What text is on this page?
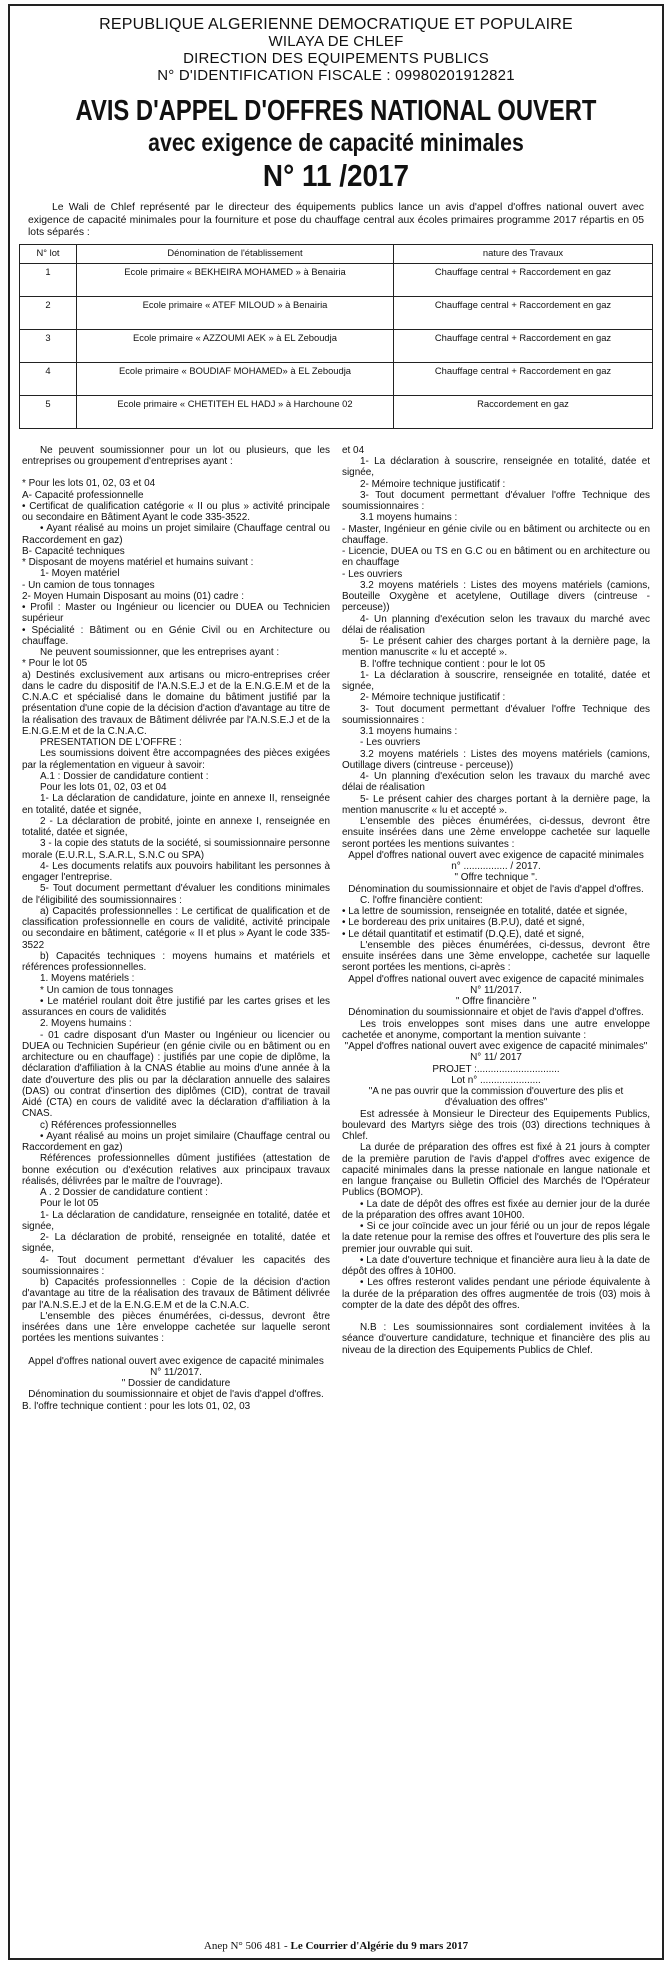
REPUBLIQUE ALGERIENNE DEMOCRATIQUE ET POPULAIRE
WILAYA DE CHLEF
DIRECTION DES EQUIPEMENTS PUBLICS
N° D'IDENTIFICATION FISCALE : 09980201912821
AVIS D'APPEL D'OFFRES NATIONAL OUVERT
avec exigence de capacité minimales
N° 11 /2017

Le Wali de Chlef représenté par le directeur des équipements publics lance un avis d'appel d'offres national ouvert avec exigence de capacité minimales pour la fourniture et pose du chauffage central aux écoles primaires programme 2017 répartis en 05 lots séparés :

N° lot	Dénomination de l'établissement	nature des Travaux
1	Ecole primaire « BEKHEIRA MOHAMED » à Benairia	Chauffage central + Raccordement en gaz
2	Ecole primaire « ATEF MILOUD » à Benairia	Chauffage central + Raccordement en gaz
3	Ecole primaire « AZZOUMI AEK » à EL Zeboudja	Chauffage central + Raccordement en gaz
4	Ecole primaire « BOUDIAF MOHAMED» à EL Zeboudja	Chauffage central + Raccordement en gaz
5	Ecole primaire « CHETITEH EL HADJ » à Harchoune 02	Raccordement en gaz

Ne peuvent soumissionner pour un lot ou plusieurs, que les entreprises ou groupement d'entreprises ayant :

* Pour les lots 01, 02, 03 et 04

A- Capacité professionnelle

• Certificat de qualification catégorie « II ou plus » activité principale ou secondaire en Bâtiment Ayant le code 335-3522.

• Ayant réalisé au moins un projet similaire (Chauffage central ou Raccordement en gaz)

B- Capacité techniques

* Disposant de moyens matériel et humains suivant :

1- Moyen matériel

- Un camion de tous tonnages

2- Moyen Humain Disposant au moins (01) cadre :

• Profil : Master ou Ingénieur ou licencier ou DUEA ou Technicien supérieur

• Spécialité : Bâtiment ou en Génie Civil ou en Architecture ou chauffage.

Ne peuvent soumissionner, que les entreprises ayant :

* Pour le lot 05

a) Destinés exclusivement aux artisans ou micro-entreprises créer dans le cadre du dispositif de l'A.N.S.E.J et de la E.N.G.E.M et de la C.N.A.C et spécialisé dans le domaine du bâtiment justifié par la présentation d'une copie de la décision d'action d'avantage au titre de la réalisation des travaux de Bâtiment délivrée par l'A.N.S.E.J et de la E.N.G.E.M et de la C.N.A.C.

PRESENTATION DE L'OFFRE :

Les soumissions doivent être accompagnées des pièces exigées par la réglementation en vigueur à savoir:

A.1 : Dossier de candidature contient :

Pour les lots 01, 02, 03 et 04

1- La déclaration de candidature, jointe en annexe II, renseignée en totalité, datée et signée,

2 - La déclaration de probité, jointe en annexe I, renseignée en totalité, datée et signée,

3 - la copie des statuts de la société, si soumissionnaire personne morale (E.U.R.L, S.A.R.L, S.N.C ou SPA)

4- Les documents relatifs aux pouvoirs habilitant les personnes à engager l'entreprise.

5- Tout document permettant d'évaluer les conditions minimales de l'éligibilité des soumissionnaires :

a) Capacités professionnelles : Le certificat de qualification et de classification professionnelle en cours de validité, activité principale ou secondaire en bâtiment, catégorie « II et plus » Ayant le code 335-3522

b) Capacités techniques : moyens humains et matériels et références professionnelles.

1. Moyens matériels :

* Un camion de tous tonnages

• Le matériel roulant doit être justifié par les cartes grises et les assurances en cours de validités

2. Moyens humains :

- 01 cadre disposant d'un Master ou Ingénieur ou licencier ou DUEA ou Technicien Supérieur (en génie civile ou en bâtiment ou en architecture ou en chauffage) : justifiés par une copie de diplôme, la déclaration d'affiliation à la CNAS établie au moins d'une année à la date d'ouverture des plis ou par la déclaration annuelle des salaires (DAS) ou contrat d'insertion des diplômes (CID), contrat de travail Aidé (CTA) en cours de validité avec la déclaration d'affiliation à la CNAS.

c) Références professionnelles

• Ayant réalisé au moins un projet similaire (Chauffage central ou Raccordement en gaz)

Références professionnelles dûment justifiées (attestation de bonne exécution ou d'exécution relatives aux principaux travaux réalisés, délivrées par le maître de l'ouvrage).

A . 2 Dossier de candidature contient :

Pour le lot 05

1- La déclaration de candidature, renseignée en totalité, datée et signée,

2- La déclaration de probité, renseignée en totalité, datée et signée,

4- Tout document permettant d'évaluer les capacités des soumissionnaires :

b) Capacités professionnelles : Copie de la décision d'action d'avantage au titre de la réalisation des travaux de Bâtiment délivrée par l'A.N.S.E.J et de la E.N.G.E.M et de la C.N.A.C.

L'ensemble des pièces énumérées, ci-dessus, devront être insérées dans une 1ère enveloppe cachetée sur laquelle seront portées les mentions suivantes :

Appel d'offres national ouvert avec exigence de capacité minimales

N° 11/2017.

" Dossier de candidature

Dénomination du soumissionnaire et objet de l'avis d'appel d'offres.

B. l'offre technique contient : pour les lots 01, 02, 03

et 04

1- La déclaration à souscrire, renseignée en totalité, datée et signée,

2- Mémoire technique justificatif :

3- Tout document permettant d'évaluer l'offre Technique des soumissionnaires :

3.1 moyens humains :

- Master, Ingénieur en génie civile ou en bâtiment ou architecte ou en chauffage.

- Licencie, DUEA ou TS en G.C ou en bâtiment ou en architecture ou en chauffage

- Les ouvriers

3.2 moyens matériels : Listes des moyens matériels (camions, Bouteille Oxygène et acetylene, Outillage divers (cintreuse - perceuse))

4- Un planning d'exécution selon les travaux du marché avec délai de réalisation

5- Le présent cahier des charges portant à la dernière page, la mention manuscrite « lu et accepté ».

B. l'offre technique contient : pour le lot 05

1- La déclaration à souscrire, renseignée en totalité, datée et signée,

2- Mémoire technique justificatif :

3- Tout document permettant d'évaluer l'offre Technique des soumissionnaires :

3.1 moyens humains :

- Les ouvriers

3.2 moyens matériels : Listes des moyens matériels (camions, Outillage divers (cintreuse - perceuse))

4- Un planning d'exécution selon les travaux du marché avec délai de réalisation

5- Le présent cahier des charges portant à la dernière page, la mention manuscrite « lu et accepté ».

L'ensemble des pièces énumérées, ci-dessus, devront être ensuite insérées dans une 2ème enveloppe cachetée sur laquelle seront portées les mentions suivantes :

Appel d'offres national ouvert avec exigence de capacité minimales

n° ................ / 2017.

" Offre technique ".

Dénomination du soumissionnaire et objet de l'avis d'appel d'offres.

C. l'offre financière contient:

• La lettre de soumission, renseignée en totalité, datée et signée,

• Le bordereau des prix unitaires (B.P.U), daté et signé,

• Le détail quantitatif et estimatif (D.Q.E), daté et signé,

L'ensemble des pièces énumérées, ci-dessus, devront être ensuite insérées dans une 3ème enveloppe, cachetée sur laquelle seront portées les mentions, ci-après :

Appel d'offres national ouvert avec exigence de capacité minimales

N° 11/2017.

" Offre financière "

Dénomination du soumissionnaire et objet de l'avis d'appel d'offres.

Les trois enveloppes sont mises dans une autre enveloppe cachetée et anonyme, comportant la mention suivante :

"Appel d'offres national ouvert avec exigence de capacité minimales"

N° 11/ 2017

PROJET :..............................

Lot n° ......................

"A ne pas ouvrir que la commission d'ouverture des plis et d'évaluation des offres"

Est adressée à Monsieur le Directeur des Equipements Publics, boulevard des Martyrs siège des trois (03) directions techniques à Chlef.

La durée de préparation des offres est fixé à 21 jours à compter de la première parution de l'avis d'appel d'offres avec exigence de capacité minimales dans la presse nationale en langue nationale et en langue française ou Bulletin Officiel des Marchés de l'Opérateur Publics (BOMOP).

• La date de dépôt des offres est fixée au dernier jour de la durée de la préparation des offres avant 10H00.

• Si ce jour coïncide avec un jour férié ou un jour de repos légale la date retenue pour la remise des offres et l'ouverture des plis sera le premier jour ouvrable qui suit.

• La date d'ouverture technique et financière aura lieu à la date de dépôt des offres à 10H00.

• Les offres resteront valides pendant une période équivalente à la durée de la préparation des offres augmentée de trois (03) mois à compter de la date des dépôt des offres.

N.B : Les soumissionnaires sont cordialement invitées à la séance d'ouverture candidature, technique et financière des plis au niveau de la direction des Equipements Publics de Chlef.

Anep N° 506 481 - Le Courrier d'Algérie du 9 mars 2017
